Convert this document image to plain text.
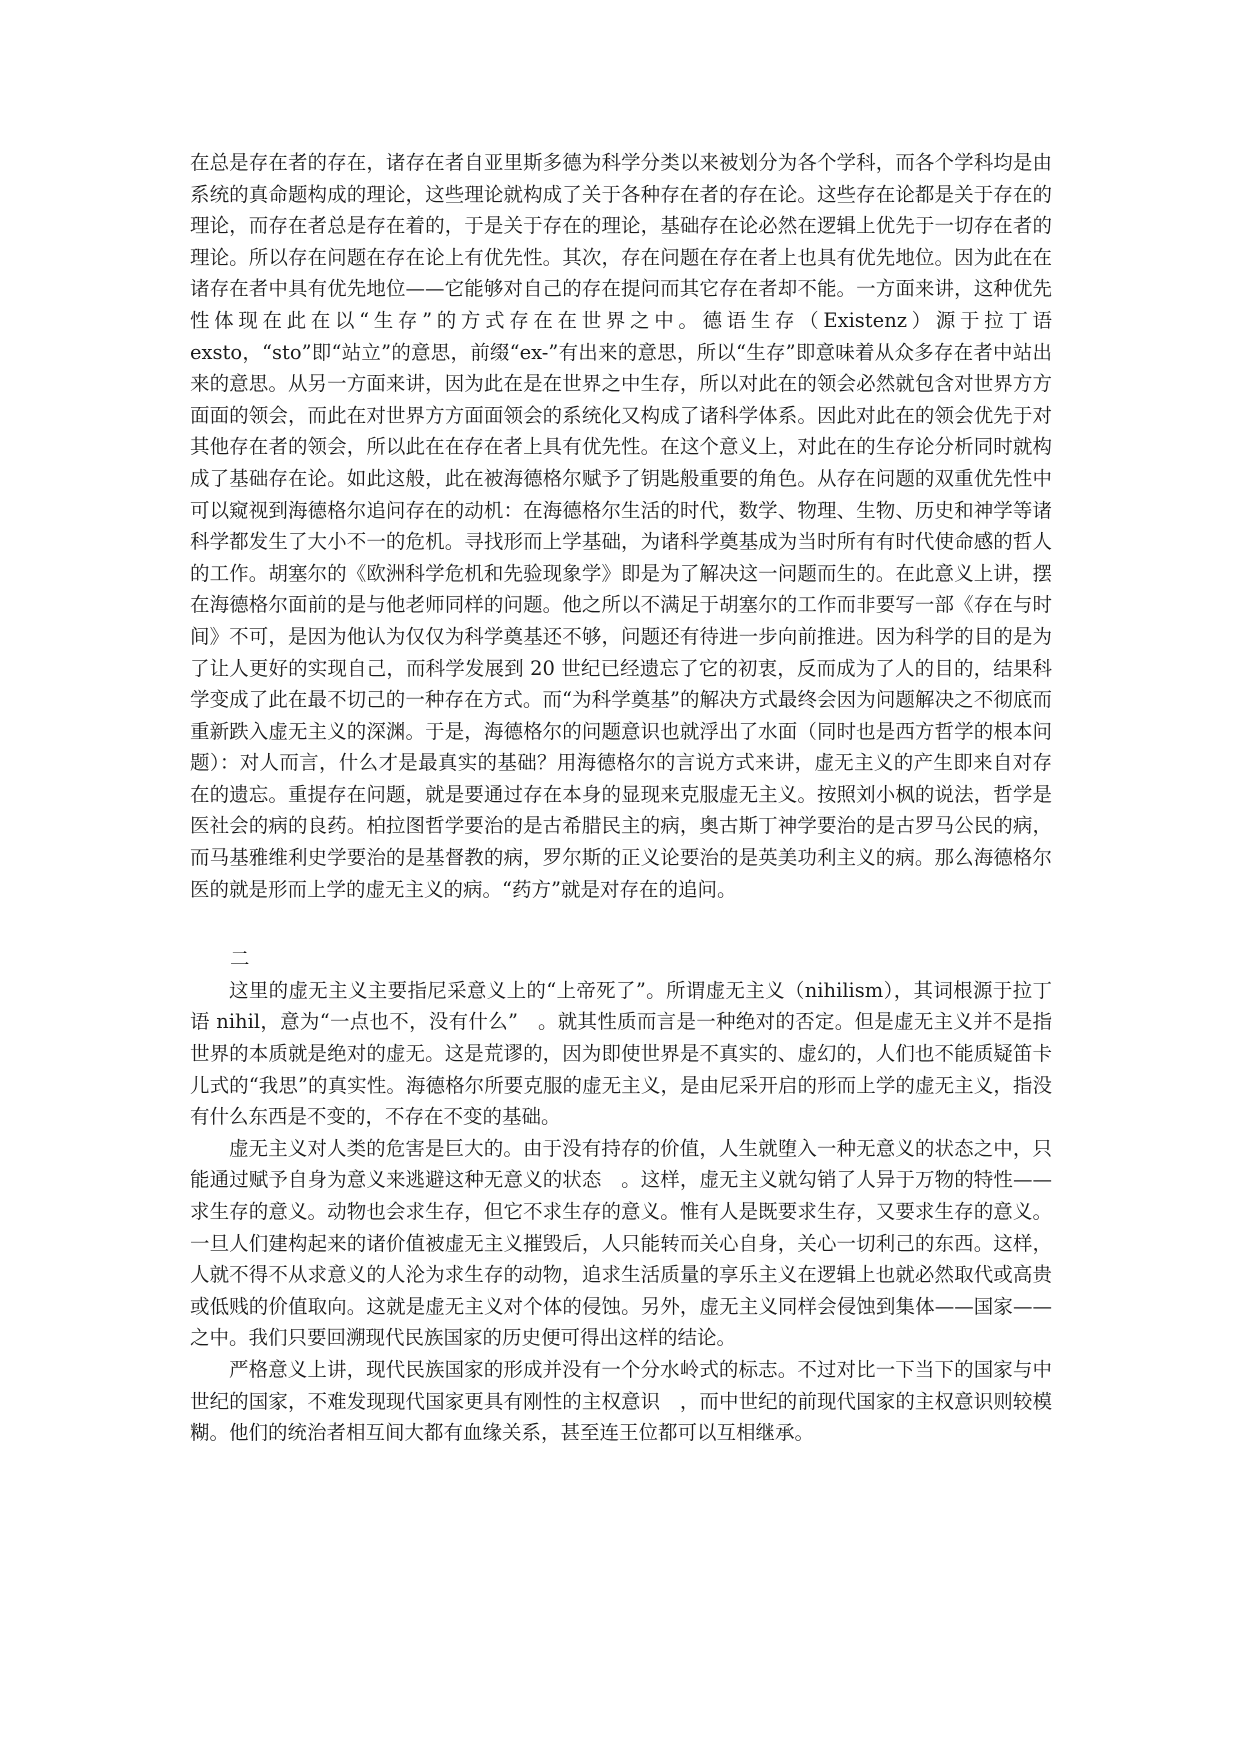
在总是存在者的存在，诸存在者自亚里斯多德为科学分类以来被划分为各个学科，而各个学科均是由系统的真命题构成的理论，这些理论就构成了关于各种存在者的存在论。这些存在论都是关于存在的理论，而存在者总是存在着的，于是关于存在的理论，基础存在论必然在逻辑上优先于一切存在者的理论。所以存在问题在存在论上有优先性。其次，存在问题在存在者上也具有优先地位。因为此在在诸存在者中具有优先地位——它能够对自己的存在提问而其它存在者却不能。一方面来讲，这种优先性体现在此在以“生存”的方式存在在世界之中。德语生存（Existenz）源于拉丁语 exsto，“sto”即“站立”的意思，前缀“ex-”有出来的意思，所以“生存”即意味着从众多存在者中站出来的意思。从另一方面来讲，因为此在是在世界之中生存，所以对此在的领会必然就包含对世界方方面面的领会，而此在对世界方方面面领会的系统化又构成了诸科学体系。因此对此在的领会优先于对其他存在者的领会，所以此在在存在者上具有优先性。在这个意义上，对此在的生存论分析同时就构成了基础存在论。如此这般，此在被海德格尔赋予了钥匙般重要的角色。从存在问题的双重优先性中可以窥视到海德格尔追问存在的动机：在海德格尔生活的时代，数学、物理、生物、历史和神学等诸科学都发生了大小不一的危机。寻找形而上学基础，为诸科学奠基成为当时所有有时代使命感的哲人的工作。胡塞尔的《欧洲科学危机和先验现象学》即是为了解决这一问题而生的。在此意义上讲，摆在海德格尔面前的是与他老师同样的问题。他之所以不满足于胡塞尔的工作而非要写一部《存在与时间》不可，是因为他认为仅仅为科学奠基还不够，问题还有待进一步向前推进。因为科学的目的是为了让人更好的实现自己，而科学发展到 20 世纪已经遗忘了它的初衷，反而成为了人的目的，结果科学变成了此在最不切己的一种存在方式。而“为科学奠基”的解决方式最终会因为问题解决之不彻底而重新跌入虚无主义的深渊。于是，海德格尔的问题意识也就浮出了水面（同时也是西方哲学的根本问题）：对人而言，什么才是最真实的基础？用海德格尔的言说方式来讲，虚无主义的产生即来自对存在的遗忘。重提存在问题，就是要通过存在本身的显现来克服虚无主义。按照刘小枫的说法，哲学是医社会的病的良药。柏拉图哲学要治的是古希腊民主的病，奥古斯丁神学要治的是古罗马公民的病，而马基雅维利史学要治的是基督教的病，罗尔斯的正义论要治的是英美功利主义的病。那么海德格尔医的就是形而上学的虚无主义的病。“药方”就是对存在的追问。

二

这里的虚无主义主要指尼采意义上的“上帝死了”。所谓虚无主义（nihilism），其词根源于拉丁语 nihil，意为“一点也不，没有什么”　。就其性质而言是一种绝对的否定。但是虚无主义并不是指世界的本质就是绝对的虚无。这是荒谬的，因为即使世界是不真实的、虚幻的，人们也不能质疑笛卡儿式的“我思”的真实性。海德格尔所要克服的虚无主义，是由尼采开启的形而上学的虚无主义，指没有什么东西是不变的，不存在不变的基础。

虚无主义对人类的危害是巨大的。由于没有持存的价值，人生就堕入一种无意义的状态之中，只能通过赋予自身为意义来逃避这种无意义的状态　。这样，虚无主义就勾销了人异于万物的特性——求生存的意义。动物也会求生存，但它不求生存的意义。惟有人是既要求生存，又要求生存的意义。一旦人们建构起来的诸价值被虚无主义摧毁后，人只能转而关心自身，关心一切利己的东西。这样，人就不得不从求意义的人沦为求生存的动物，追求生活质量的享乐主义在逻辑上也就必然取代或高贵或低贱的价值取向。这就是虚无主义对个体的侵蚀。另外，虚无主义同样会侵蚀到集体——国家——之中。我们只要回溯现代民族国家的历史便可得出这样的结论。

严格意义上讲，现代民族国家的形成并没有一个分水岭式的标志。不过对比一下当下的国家与中世纪的国家，不难发现现代国家更具有刚性的主权意识　，而中世纪的前现代国家的主权意识则较模糊。他们的统治者相互间大都有血缘关系，甚至连王位都可以互相继承。
